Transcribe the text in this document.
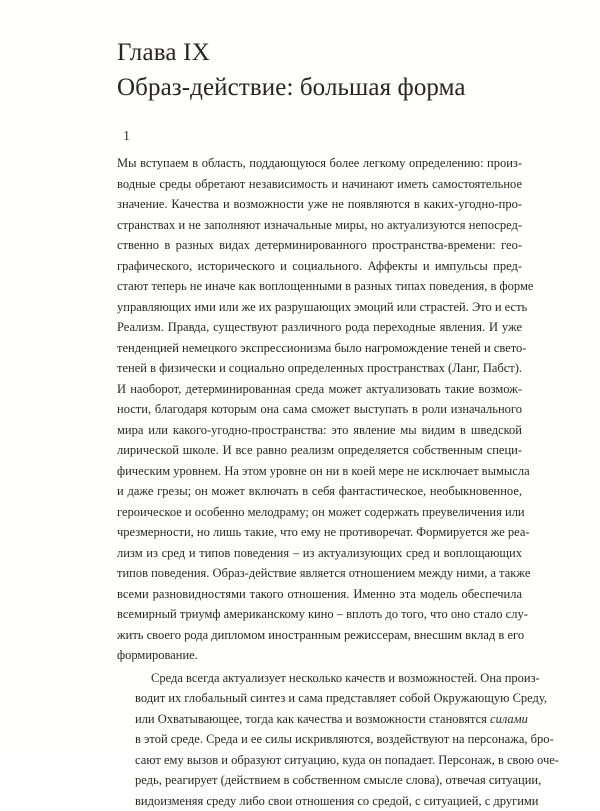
Глава IX
Образ-действие: большая форма
1

Мы вступаем в область, поддающуюся более легкому определению: произ-
водные среды обретают независимость и начинают иметь самостоятельное
значение. Качества и возможности уже не появляются в каких-угодно-про-
странствах и не заполняют изначальные миры, но актуализуются непосред-
ственно в разных видах детерминированного пространства-времени: гео-
графического, исторического и социального. Аффекты и импульсы пред-
стают теперь не иначе как воплощенными в разных типах поведения, в форме
управляющих ими или же их разрушающих эмоций или страстей. Это и есть
Реализм. Правда, существуют различного рода переходные явления. И уже
тенденцией немецкого экспрессионизма было нагромождение теней и свето-
теней в физически и социально определенных пространствах (Ланг, Пабст).
И наоборот, детерминированная среда может актуализовать такие возмож-
ности, благодаря которым она сама сможет выступать в роли изначального
мира или какого-угодно-пространства: это явление мы видим в шведской
лирической школе. И все равно реализм определяется собственным специ-
фическим уровнем. На этом уровне он ни в коей мере не исключает вымысла
и даже грезы; он может включать в себя фантастическое, необыкновенное,
героическое и особенно мелодраму; он может содержать преувеличения или
чрезмерности, но лишь такие, что ему не противоречат. Формируется же реа-
лизм из сред и типов поведения – из актуализующих сред и воплощающих
типов поведения. Образ-действие является отношением между ними, а также
всеми разновидностями такого отношения. Именно эта модель обеспечила
всемирный триумф американскому кино – вплоть до того, что оно стало слу-
жить своего рода дипломом иностранным режиссерам, внесшим вклад в его
формирование.

Среда всегда актуализует несколько качеств и возможностей. Она произ-
водит их глобальный синтез и сама представляет собой Окружающую Среду,
или Охватывающее, тогда как качества и возможности становятся силами
в этой среде. Среда и ее силы искривляются, воздействуют на персонажа, бро-
сают ему вызов и образуют ситуацию, куда он попадает. Персонаж, в свою оче-
редь, реагирует (действием в собственном смысле слова), отвечая ситуации,
видоизменяя среду либо свои отношения со средой, с ситуацией, с другими
